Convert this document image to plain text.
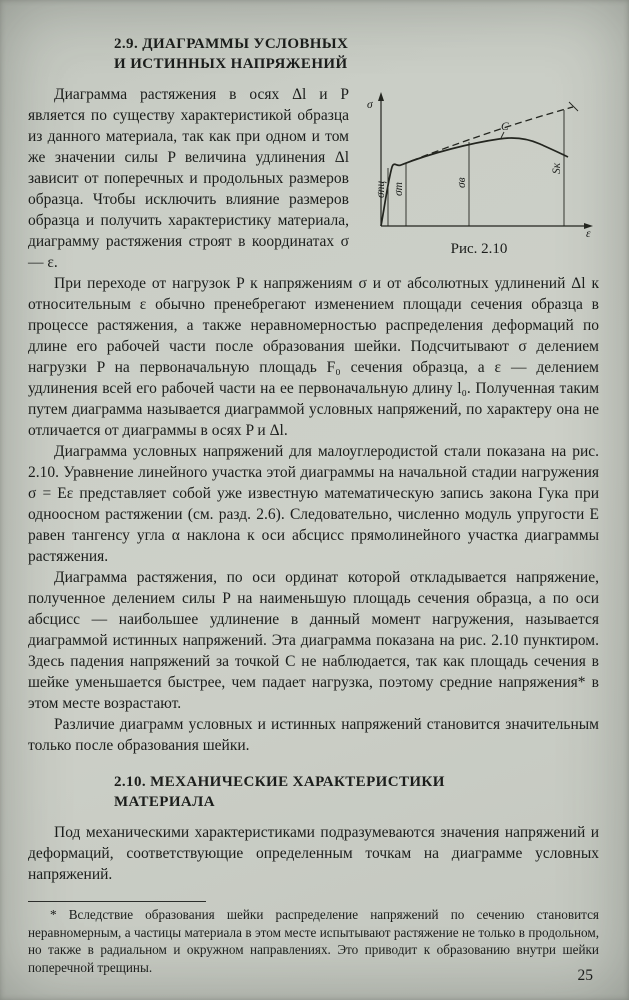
2.9. ДИАГРАММЫ УСЛОВНЫХ
И ИСТИННЫХ НАПРЯЖЕНИЙ
σ
ε
σпц σт	σв
Sк
C
Рис. 2.10

Диаграмма растяжения в осях Δl и P является по существу характеристикой образца из данного материала, так как при одном и том же значении силы P величина удлинения Δl зависит от поперечных и продольных размеров образца. Чтобы исключить влияние размеров образца и получить характеристику материала, диаграмму растяжения строят в координатах σ — ε.

При переходе от нагрузок P к напряжениям σ и от абсолютных удлинений Δl к относительным ε обычно пренебрегают изменением площади сечения образца в процессе растяжения, а также неравномерностью распределения деформаций по длине его рабочей части после образования шейки. Подсчитывают σ делением нагрузки P на первоначальную площадь F₀ сечения образца, а ε — делением удлинения всей его рабочей части на ее первоначальную длину l₀. Полученная таким путем диаграмма называется диаграммой условных напряжений, по характеру она не отличается от диаграммы в осях P и Δl.

Диаграмма условных напряжений для малоуглеродистой стали показана на рис. 2.10. Уравнение линейного участка этой диаграммы на начальной стадии нагружения σ = Eε представляет собой уже известную математическую запись закона Гука при одноосном растяжении (см. разд. 2.6). Следовательно, численно модуль упругости E равен тангенсу угла α наклона к оси абсцисс прямолинейного участка диаграммы растяжения.

Диаграмма растяжения, по оси ординат которой откладывается напряжение, полученное делением силы P на наименьшую площадь сечения образца, а по оси абсцисс — наибольшее удлинение в данный момент нагружения, называется диаграммой истинных напряжений. Эта диаграмма показана на рис. 2.10 пунктиром. Здесь падения напряжений за точкой C не наблюдается, так как площадь сечения в шейке уменьшается быстрее, чем падает нагрузка, поэтому средние напряжения* в этом месте возрастают.

Различие диаграмм условных и истинных напряжений становится значительным только после образования шейки.

2.10. МЕХАНИЧЕСКИЕ ХАРАКТЕРИСТИКИ
МАТЕРИАЛА

Под механическими характеристиками подразумеваются значения напряжений и деформаций, соответствующие определенным точкам на диаграмме условных напряжений.

* Вследствие образования шейки распределение напряжений по сечению становится неравномерным, а частицы материала в этом месте испытывают растяжение не только в продольном, но также в радиальном и окружном направлениях. Это приводит к образованию внутри шейки поперечной трещины.	25
